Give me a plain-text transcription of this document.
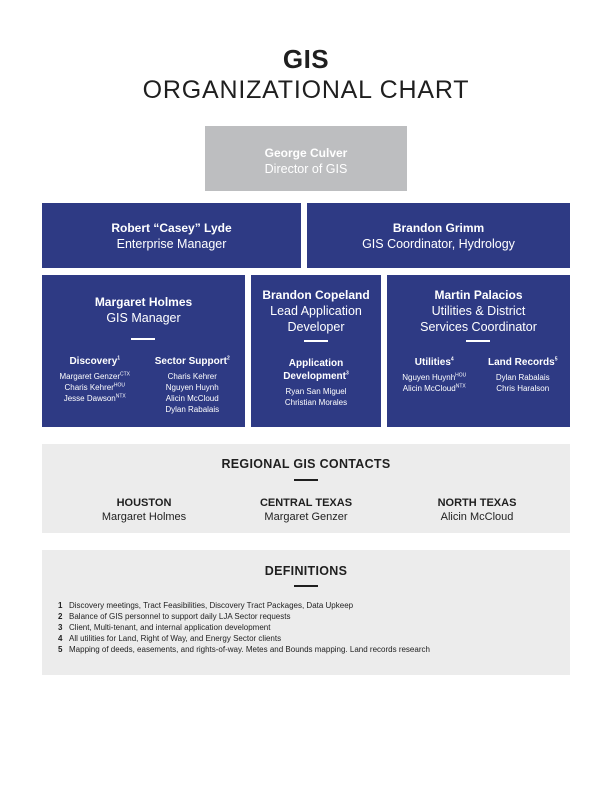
GIS
ORGANIZATIONAL CHART
George Culver
Director of GIS
Robert “Casey” Lyde
Enterprise Manager
Brandon Grimm
GIS Coordinator, Hydrology
Margaret Holmes
GIS Manager
Discovery$^1$
Margaret Genzer$^{CTX}$
Charis Kehrer$^{HOU}$
Jesse Dawson$^{NTX}$
Sector Support$^2$
Charis Kehrer
Nguyen Huynh
Alicin McCloud
Dylan Rabalais
Brandon Copeland
Lead Application
Developer
Application
Development$^3$
Ryan San Miguel
Christian Morales
Martin Palacios
Utilities & District
Services Coordinator
Utilities$^4$
Nguyen Huynh$^{HOU}$
Alicin McCloud$^{NTX}$
Land Records$^5$
Dylan Rabalais
Chris Haralson
REGIONAL GIS CONTACTS
HOUSTON
Margaret Holmes
CENTRAL TEXAS
Margaret Genzer
NORTH TEXAS
Alicin McCloud
DEFINITIONS
1 Discovery meetings, Tract Feasibilities, Discovery Tract Packages, Data Upkeep
2 Balance of GIS personnel to support daily LJA Sector requests
3 Client, Multi-tenant, and internal application development
4 All utilities for Land, Right of Way, and Energy Sector clients
5 Mapping of deeds, easements, and rights-of-way. Metes and Bounds mapping. Land records research
